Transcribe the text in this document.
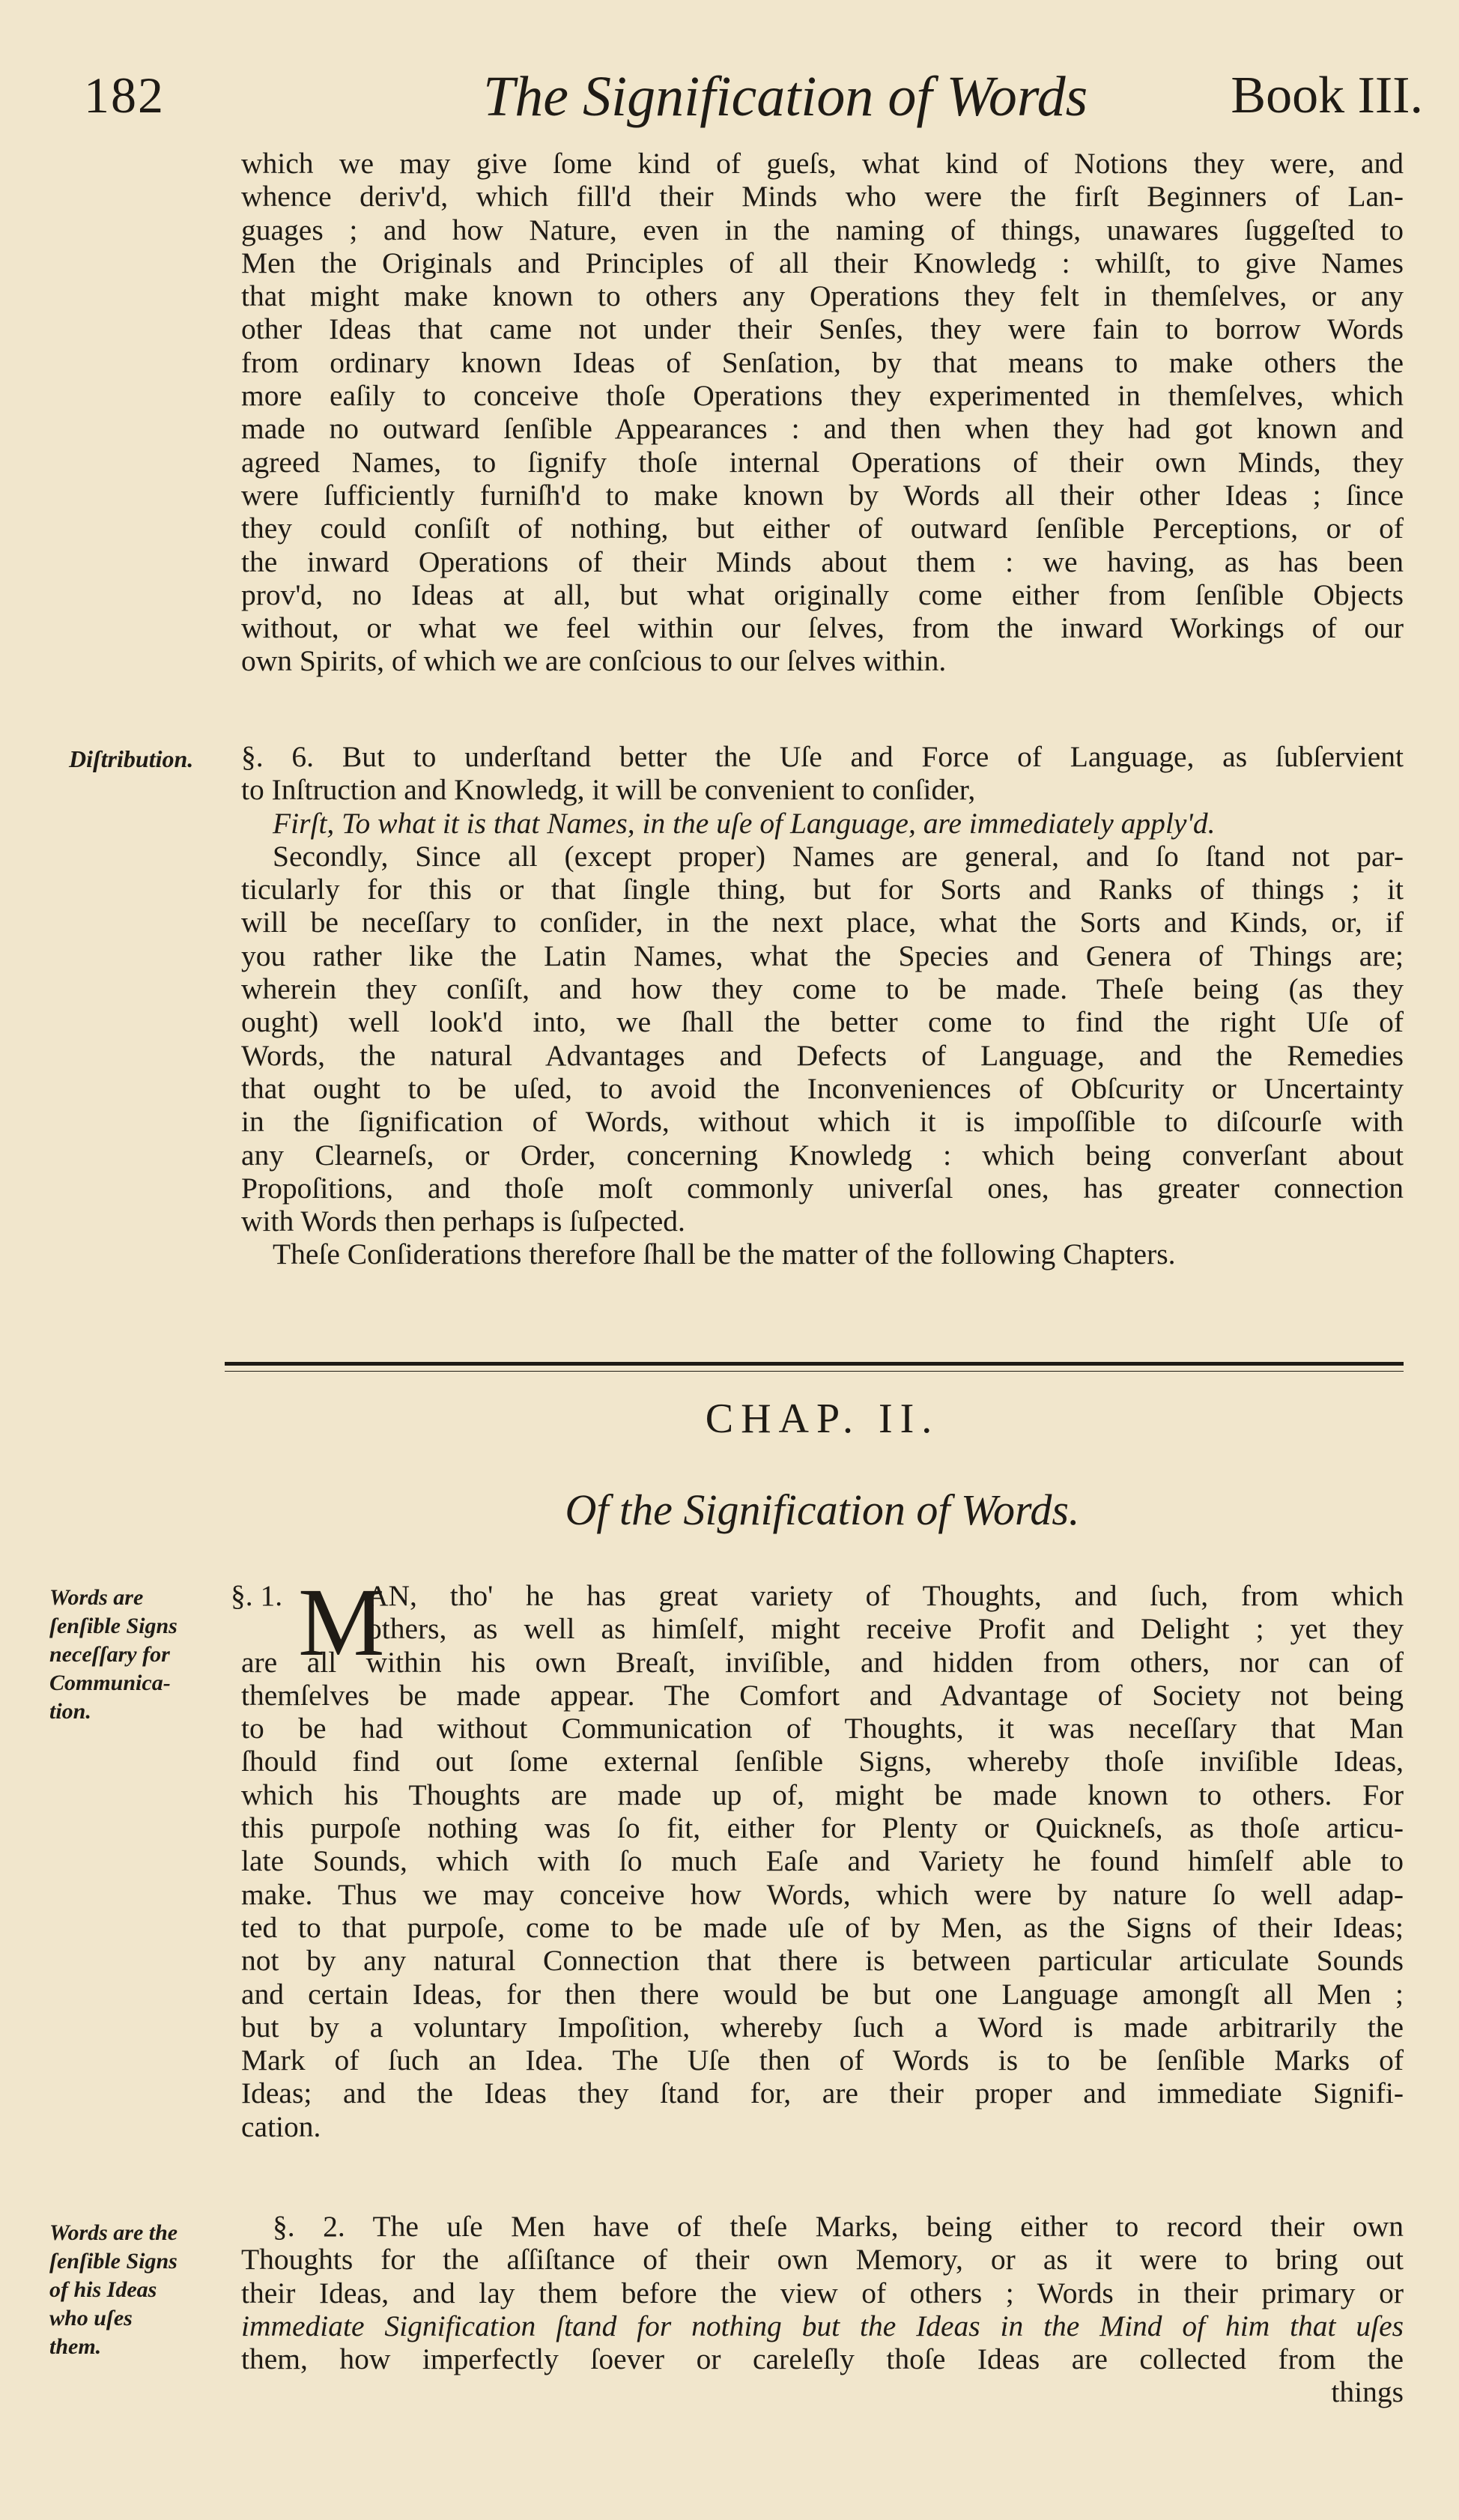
182	The Signification of Words	Book III.
which we may give ſome kind of gueſs, what kind of Notions they were, and
whence deriv'd, which fill'd their Minds who were the firſt Beginners of Lan-
guages ; and how Nature, even in the naming of things, unawares ſuggeſted to
Men the Originals and Principles of all their Knowledg : whilſt, to give Names
that might make known to others any Operations they felt in themſelves, or any
other Ideas that came not under their Senſes, they were fain to borrow Words
from ordinary known Ideas of Senſation, by that means to make others the
more eaſily to conceive thoſe Operations they experimented in themſelves, which
made no outward ſenſible Appearances : and then when they had got known and
agreed Names, to ſignify thoſe internal Operations of their own Minds, they
were ſufficiently furniſh'd to make known by Words all their other Ideas ; ſince
they could conſiſt of nothing, but either of outward ſenſible Perceptions, or of
the inward Operations of their Minds about them : we having, as has been
prov'd, no Ideas at all, but what originally come either from ſenſible Objects
without, or what we feel within our ſelves, from the inward Workings of our
own Spirits, of which we are conſcious to our ſelves within.
Diſtribution.	§. 6. But to underſtand better the Uſe and Force of Language, as ſubſervient
to Inſtruction and Knowledg, it will be convenient to conſider,
Firſt, To what it is that Names, in the uſe of Language, are immediately apply'd.
Secondly, Since all (except proper) Names are general, and ſo ſtand not par-
ticularly for this or that ſingle thing, but for Sorts and Ranks of things ; it
will be neceſſary to conſider, in the next place, what the Sorts and Kinds, or, if
you rather like the Latin Names, what the Species and Genera of Things are;
wherein they conſiſt, and how they come to be made. Theſe being (as they
ought) well look'd into, we ſhall the better come to find the right Uſe of
Words, the natural Advantages and Defects of Language, and the Remedies
that ought to be uſed, to avoid the Inconveniences of Obſcurity or Uncertainty
in the ſignification of Words, without which it is impoſſible to diſcourſe with
any Clearneſs, or Order, concerning Knowledg : which being converſant about
Propoſitions, and thoſe moſt commonly univerſal ones, has greater connection
with Words then perhaps is ſuſpected.
Theſe Conſiderations therefore ſhall be the matter of the following Chapters.
CHAP. II.
Of the Signification of Words.
Words are
ſenſible Signs
neceſſary for
Communica-
tion.
§. 1. M
AN, tho' he has great variety of Thoughts, and ſuch, from which
others, as well as himſelf, might receive Profit and Delight ; yet they
are all within his own Breaſt, inviſible, and hidden from others, nor can of
themſelves be made appear. The Comfort and Advantage of Society not being
to be had without Communication of Thoughts, it was neceſſary that Man
ſhould find out ſome external ſenſible Signs, whereby thoſe inviſible Ideas,
which his Thoughts are made up of, might be made known to others. For
this purpoſe nothing was ſo fit, either for Plenty or Quickneſs, as thoſe articu-
late Sounds, which with ſo much Eaſe and Variety he found himſelf able to
make. Thus we may conceive how Words, which were by nature ſo well adap-
ted to that purpoſe, come to be made uſe of by Men, as the Signs of their Ideas;
not by any natural Connection that there is between particular articulate Sounds
and certain Ideas, for then there would be but one Language amongſt all Men ;
but by a voluntary Impoſition, whereby ſuch a Word is made arbitrarily the
Mark of ſuch an Idea. The Uſe then of Words is to be ſenſible Marks of
Ideas; and the Ideas they ſtand for, are their proper and immediate Signifi-
cation.
Words are the
ſenſible Signs
of his Ideas
who uſes
them.
§. 2. The uſe Men have of theſe Marks, being either to record their own
Thoughts for the aſſiſtance of their own Memory, or as it were to bring out
their Ideas, and lay them before the view of others ; Words in their primary or
immediate Signification ſtand for nothing but the Ideas in the Mind of him that uſes
them, how imperfectly ſoever or careleſly thoſe Ideas are collected from the
things
